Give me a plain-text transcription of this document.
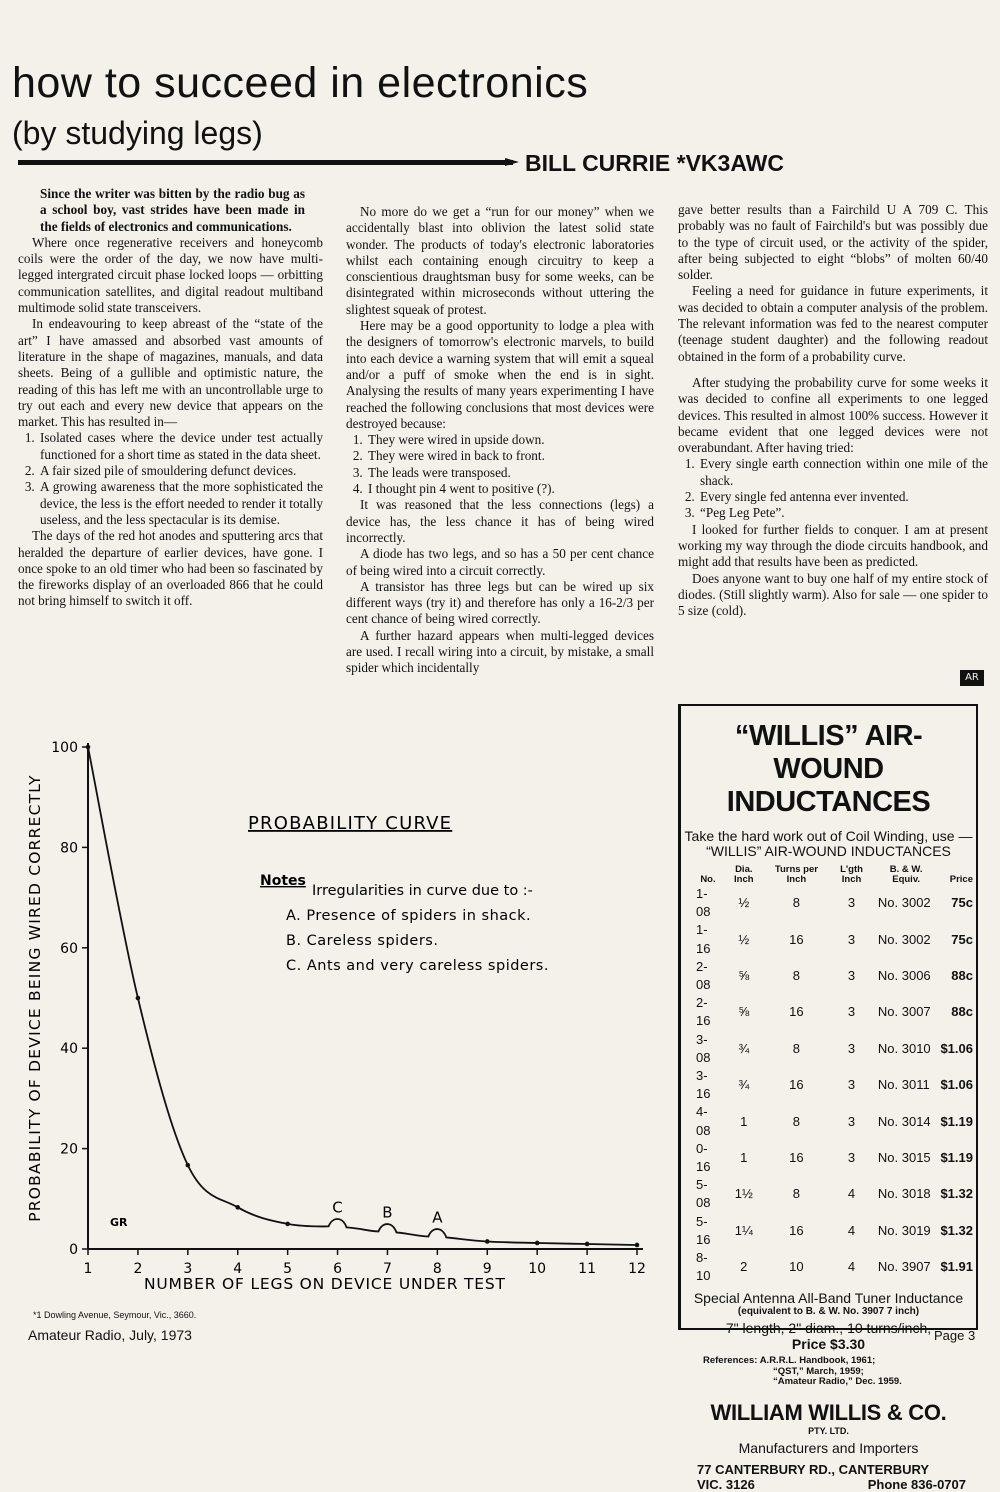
how to succeed in electronics
(by studying legs)
BILL CURRIE *VK3AWC

Since the writer was bitten by the radio bug as a school boy, vast strides have been made in the fields of electronics and communications.

Where once regenerative receivers and honeycomb coils were the order of the day, we now have multi-legged intergrated circuit phase locked loops — orbitting communication satellites, and digital readout multiband multimode solid state transceivers.

In endeavouring to keep abreast of the “state of the art” I have amassed and absorbed vast amounts of literature in the shape of magazines, manuals, and data sheets. Being of a gullible and optimistic nature, the reading of this has left me with an uncontrollable urge to try out each and every new device that appears on the market. This has resulted in—

1. Isolated cases where the device under test actually functioned for a short time as stated in the data sheet.
2. A fair sized pile of smouldering defunct devices.
3. A growing awareness that the more sophisticated the device, the less is the effort needed to render it totally useless, and the less spectacular is its demise.

The days of the red hot anodes and sputtering arcs that heralded the departure of earlier devices, have gone. I once spoke to an old timer who had been so fascinated by the fireworks display of an overloaded 866 that he could not bring himself to switch it off.

No more do we get a “run for our money” when we accidentally blast into oblivion the latest solid state wonder. The products of today's electronic laboratories whilst each containing enough circuitry to keep a conscientious draughtsman busy for some weeks, can be disintegrated within microseconds without uttering the slightest squeak of protest.

Here may be a good opportunity to lodge a plea with the designers of tomorrow's electronic marvels, to build into each device a warning system that will emit a squeal and/or a puff of smoke when the end is in sight. Analysing the results of many years experimenting I have reached the following conclusions that most devices were destroyed because:

1. They were wired in upside down.
2. They were wired in back to front.
3. The leads were transposed.
4. I thought pin 4 went to positive (?).

It was reasoned that the less connections (legs) a device has, the less chance it has of being wired incorrectly.

A diode has two legs, and so has a 50 per cent chance of being wired into a circuit correctly.

A transistor has three legs but can be wired up six different ways (try it) and therefore has only a 16-2/3 per cent chance of being wired correctly.

A further hazard appears when multi-legged devices are used. I recall wiring into a circuit, by mistake, a small spider which incidentally

gave better results than a Fairchild U A 709 C. This probably was no fault of Fairchild's but was possibly due to the type of circuit used, or the activity of the spider, after being subjected to eight “blobs” of molten 60/40 solder.

Feeling a need for guidance in future experiments, it was decided to obtain a computer analysis of the problem. The relevant information was fed to the nearest computer (teenage student daughter) and the following readout obtained in the form of a probability curve.

After studying the probability curve for some weeks it was decided to confine all experiments to one legged devices. This resulted in almost 100% success. However it became evident that one legged devices were not overabundant. After having tried:

1. Every single earth connection within one mile of the shack.
2. Every single fed antenna ever invented.
3. “Peg Leg Pete”.

I looked for further fields to conquer. I am at present working my way through the diode circuits handbook, and might add that results have been as predicted.

Does anyone want to buy one half of my entire stock of diodes. (Still slightly warm). Also for sale — one spider to 5 size (cold).

AR
“WILLIS” AIR-WOUND
INDUCTANCES
Take the hard work out of Coil Winding, use — “WILLIS” AIR-WOUND INDUCTANCES
No.	Dia. Inch	Turns per Inch	L'gth Inch	B. & W. Equiv.	Price
1-08	½	8	3	No. 3002	75c
1-16	½	16	3	No. 3002	75c
2-08	⅝	8	3	No. 3006	88c
2-16	⅝	16	3	No. 3007	88c
3-08	¾	8	3	No. 3010	$1.06
3-16	¾	16	3	No. 3011	$1.06
4-08	1	8	3	No. 3014	$1.19
0-16	1	16	3	No. 3015	$1.19
5-08	1½	8	4	No. 3018	$1.32
5-16	1¼	16	4	No. 3019	$1.32
8-10	2	10	4	No. 3907	$1.91
Special Antenna All-Band Tuner Inductance
(equivalent to B. & W. No. 3907 7 inch)
7" length, 2" diam., 10 turns/inch,
Price $3.30
References: A.R.R.L. Handbook, 1961;
“QST,” March, 1959;
“Amateur Radio,” Dec. 1959.
WILLIAM WILLIS & CO.
PTY. LTD.
Manufacturers and Importers
77 CANTERBURY RD., CANTERBURY
VIC. 3126	Phone 836-0707
0
20
40
60
80
100
1	2	3	4	5	6	7	8	9	10 11 12
C	B	A
PROBABILITY OF DEVICE BEING WIRED CORRECTLY
NUMBER OF LEGS ON DEVICE UNDER TEST
PROBABILITY CURVE
Notes
Irregularities in curve due to :-
A. Presence of spiders in shack.
B. Careless spiders.
C. Ants and very careless spiders.
GR
*1 Dowling Avenue, Seymour, Vic., 3660.
Amateur Radio, July, 1973	Page 3
